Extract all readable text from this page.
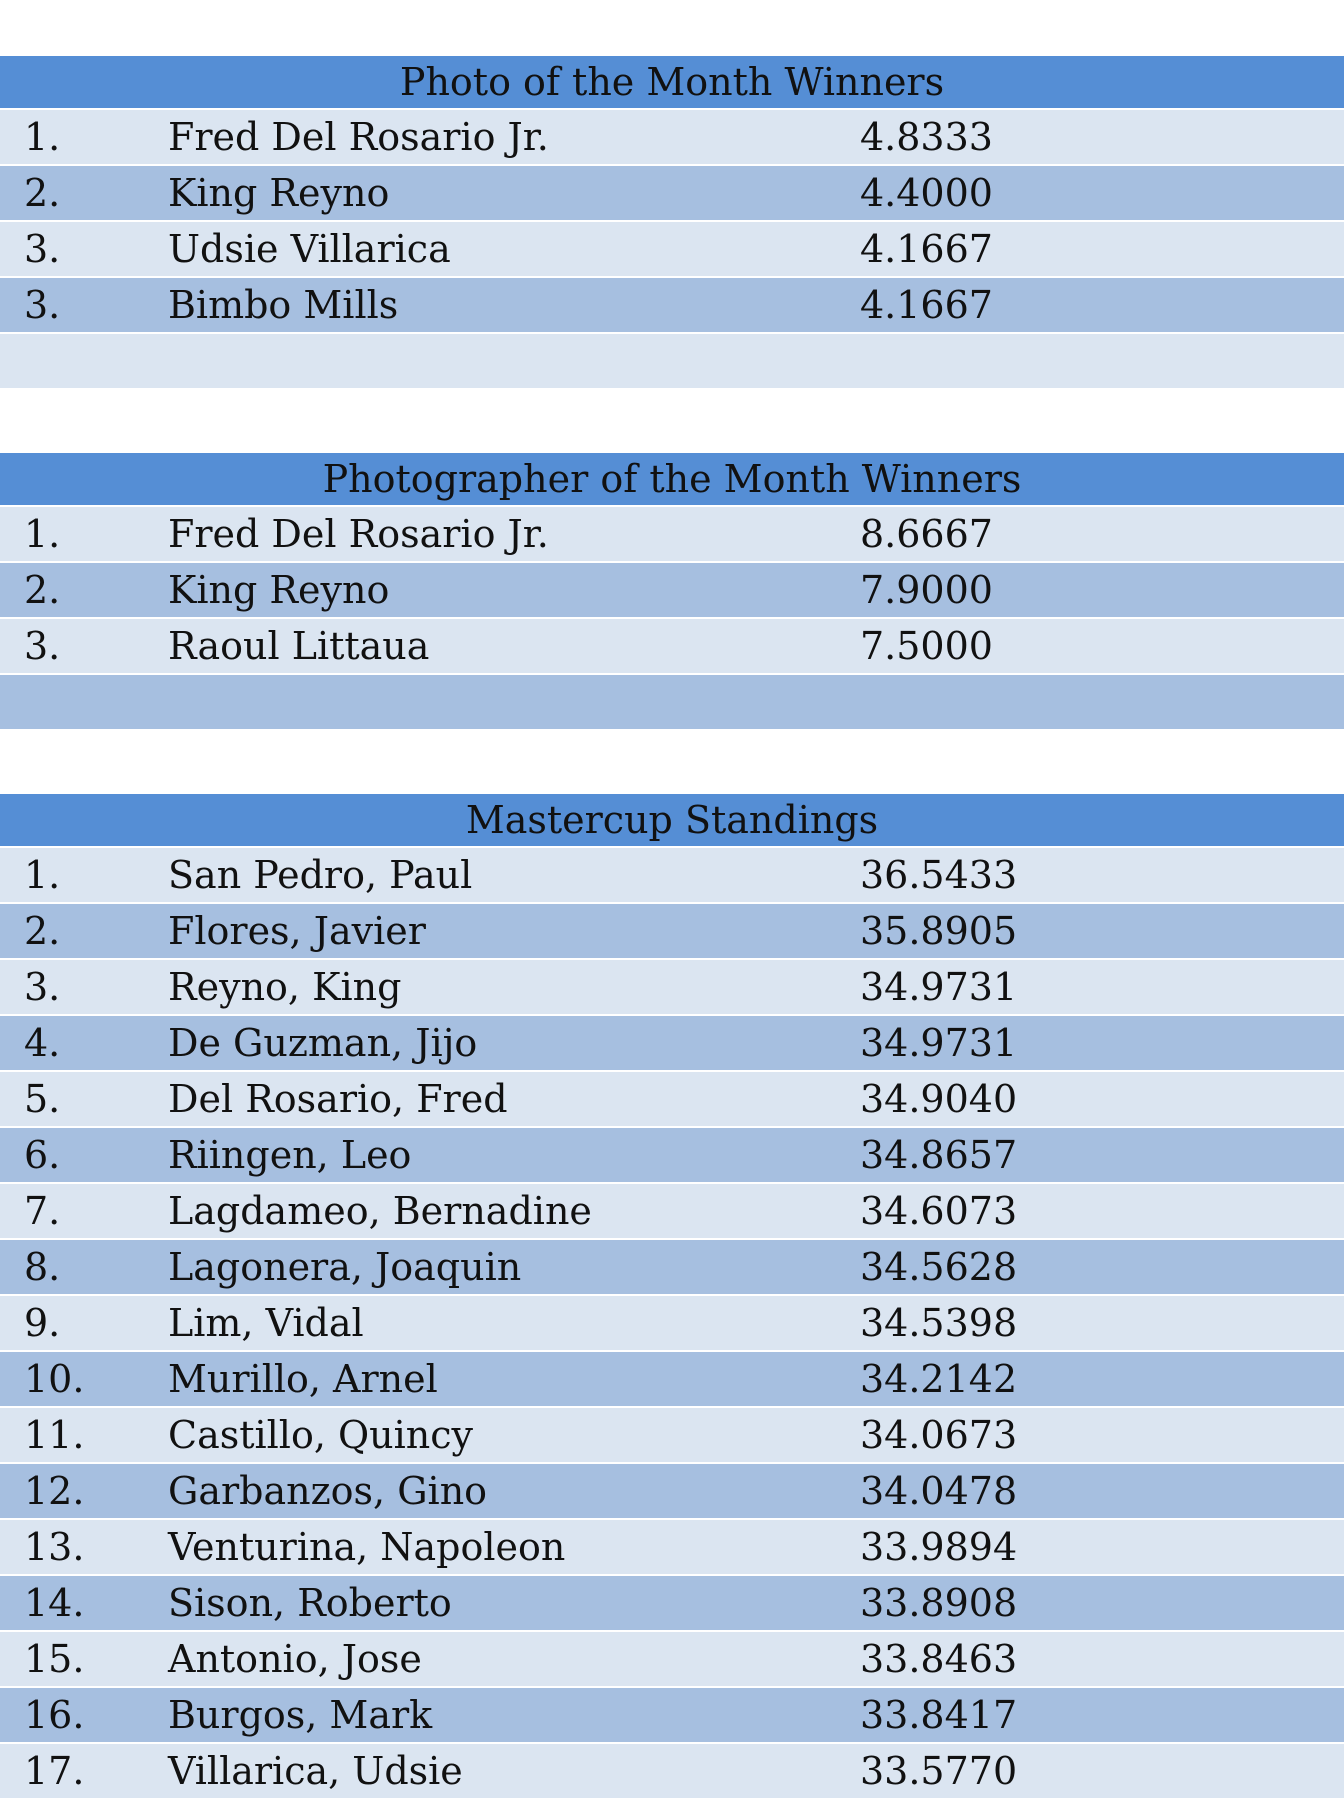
Photo of the Month Winners
1.	Fred Del Rosario Jr.	4.8333
2.	King Reyno	4.4000
3.	Udsie Villarica	4.1667
3.	Bimbo Mills	4.1667
Photographer of the Month Winners
1.	Fred Del Rosario Jr.	8.6667
2.	King Reyno	7.9000
3.	Raoul Littaua	7.5000
Mastercup Standings
1.	San Pedro, Paul	36.5433
2.	Flores, Javier	35.8905
3.	Reyno, King	34.9731
4.	De Guzman, Jijo	34.9731
5.	Del Rosario, Fred	34.9040
6.	Riingen, Leo	34.8657
7.	Lagdameo, Bernadine	34.6073
8.	Lagonera, Joaquin	34.5628
9.	Lim, Vidal	34.5398
10. Murillo, Arnel	34.2142
11. Castillo, Quincy	34.0673
12. Garbanzos, Gino	34.0478
13. Venturina, Napoleon	33.9894
14. Sison, Roberto	33.8908
15. Antonio, Jose	33.8463
16. Burgos, Mark	33.8417
17. Villarica, Udsie	33.5770
